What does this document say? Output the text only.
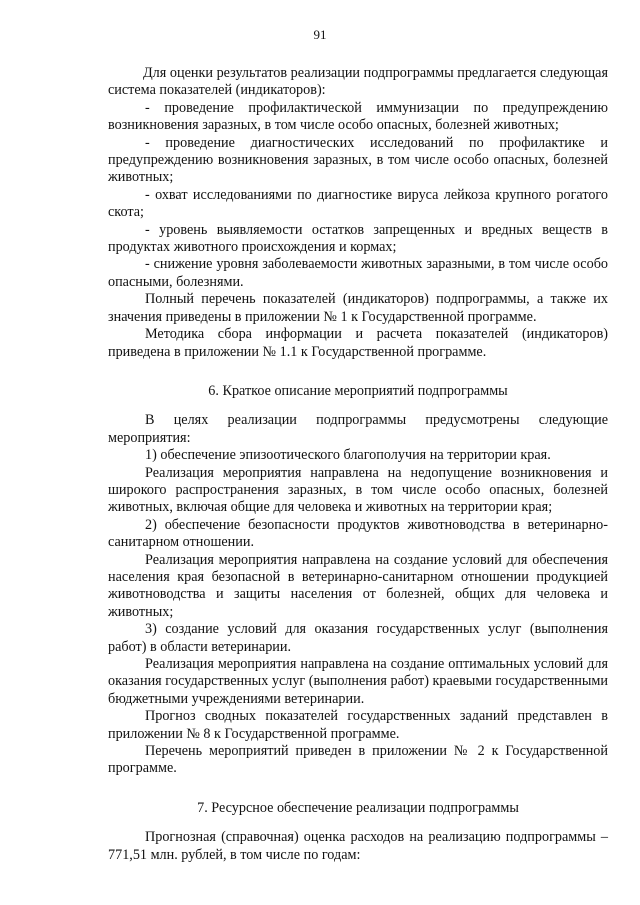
91

Для оценки результатов реализации подпрограммы предлагается следующая система показателей (индикаторов):

- проведение профилактической иммунизации по предупреждению возникновения заразных, в том числе особо опасных, болезней животных;

- проведение диагностических исследований по профилактике и предупреждению возникновения заразных, в том числе особо опасных, болезней животных;

- охват исследованиями по диагностике вируса лейкоза крупного рогатого скота;

- уровень выявляемости остатков запрещенных и вредных веществ в продуктах животного происхождения и кормах;

- снижение уровня заболеваемости животных заразными, в том числе особо опасными, болезнями.

Полный перечень показателей (индикаторов) подпрограммы, а также их значения приведены в приложении № 1 к Государственной программе.

Методика сбора информации и расчета показателей (индикаторов) приведена в приложении № 1.1 к Государственной программе.

6. Краткое описание мероприятий подпрограммы

В целях реализации подпрограммы предусмотрены следующие мероприятия:

1) обеспечение эпизоотического благополучия на территории края.

Реализация мероприятия направлена на недопущение возникновения и широкого распространения заразных, в том числе особо опасных, болезней животных, включая общие для человека и животных на территории края;

2) обеспечение безопасности продуктов животноводства в ветеринарно-санитарном отношении.

Реализация мероприятия направлена на создание условий для обеспечения населения края безопасной в ветеринарно-санитарном отношении продукцией животноводства и защиты населения от болезней, общих для человека и животных;

3) создание условий для оказания государственных услуг (выполнения работ) в области ветеринарии.

Реализация мероприятия направлена на создание оптимальных условий для оказания государственных услуг (выполнения работ) краевыми государственными бюджетными учреждениями ветеринарии.

Прогноз сводных показателей государственных заданий представлен в приложении № 8 к Государственной программе.

Перечень мероприятий приведен в приложении № 2 к Государственной программе.

7. Ресурсное обеспечение реализации подпрограммы

Прогнозная (справочная) оценка расходов на реализацию подпрограммы – 771,51 млн. рублей, в том числе по годам:
